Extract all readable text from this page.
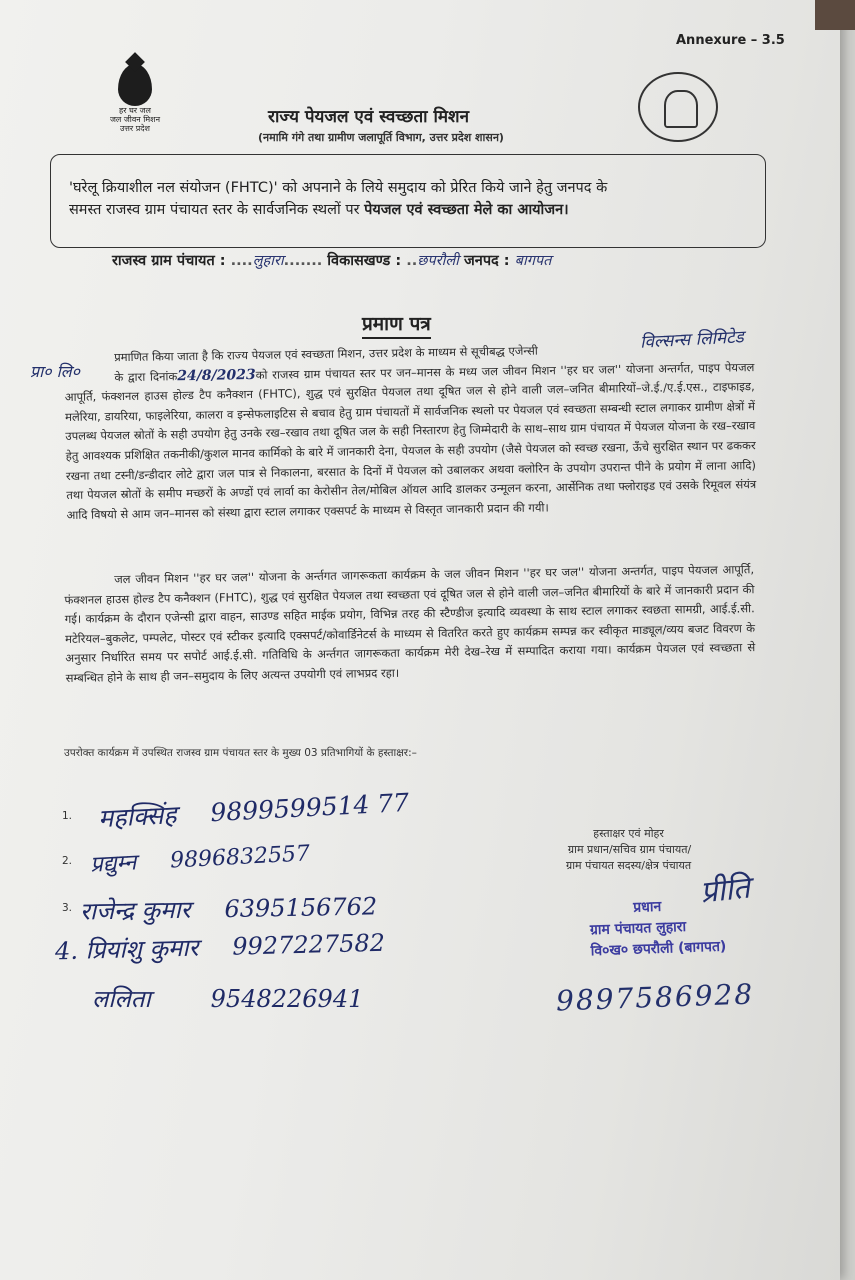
Annexure – 3.5
हर घर जल
जल जीवन मिशन
उत्तर प्रदेश
राज्य पेयजल एवं स्वच्छता मिशन
(नमामि गंगे तथा ग्रामीण जलापूर्ति विभाग, उत्तर प्रदेश शासन)
'घरेलू क्रियाशील नल संयोजन (FHTC)' को अपनाने के लिये समुदाय को प्रेरित किये जाने हेतु जनपद के
समस्त राजस्व ग्राम पंचायत स्तर के सार्वजनिक स्थलों पर पेयजल एवं स्वच्छता मेले का आयोजन।
राजस्व ग्राम पंचायत : ....लुहारा....... विकासखण्ड : ..छपरौली जनपद : बागपत
प्रमाण पत्र
विल्सन्स लिमिटेड
प्रा० लि०
प्रमाणित किया जाता है कि राज्य पेयजल एवं स्वच्छता मिशन, उत्तर प्रदेश के माध्यम से सूचीबद्ध एजेन्सी
के द्वारा दिनांक24/8/2023को राजस्व ग्राम पंचायत स्तर पर जन–मानस के मध्य जल जीवन मिशन ''हर घर जल'' योजना अन्तर्गत, पाइप पेयजल आपूर्ति, फंक्शनल हाउस होल्ड टैप कनैक्शन (FHTC), शुद्ध एवं सुरक्षित पेयजल तथा दूषित जल से होने वाली जल–जनित बीमारियों–जे.ई./ए.ई.एस., टाइफाइड, मलेरिया, डायरिया, फाइलेरिया, कालरा व इन्सेफलाइटिस से बचाव हेतु ग्राम पंचायतों में सार्वजनिक स्थलो पर पेयजल एवं स्वच्छता सम्बन्धी स्टाल लगाकर ग्रामीण क्षेत्रों में उपलब्ध पेयजल स्रोतों के सही उपयोग हेतु उनके रख–रखाव तथा दूषित जल के सही निस्तारण हेतु जिम्मेदारी के साथ–साथ ग्राम पंचायत में पेयजल योजना के रख–रखाव हेतु आवश्यक प्रशिक्षित तकनीकी/कुशल मानव कार्मिको के बारे में जानकारी देना, पेयजल के सही उपयोग (जैसे पेयजल को स्वच्छ रखना, ऊँचे सुरक्षित स्थान पर ढककर रखना तथा टस्नी/डन्डीदार लोटे द्वारा जल पात्र से निकालना, बरसात के दिनों में पेयजल को उबालकर अथवा क्लोरिन के उपयोग उपरान्त पीने के प्रयोग में लाना आदि) तथा पेयजल स्रोतों के समीप मच्छरों के अण्डों एवं लार्वा का केरोसीन तेल/मोबिल ऑयल आदि डालकर उन्मूलन करना, आर्सेनिक तथा फ्लोराइड एवं उसके रिमूवल संयंत्र आदि विषयो से आम जन–मानस को संस्था द्वारा स्टाल लगाकर एक्सपर्ट के माध्यम से विस्तृत जानकारी प्रदान की गयी।
जल जीवन मिशन ''हर घर जल'' योजना के अर्न्तगत जागरूकता कार्यक्रम के जल जीवन मिशन ''हर घर जल'' योजना अन्तर्गत, पाइप पेयजल आपूर्ति, फंक्शनल हाउस होल्ड टैप कनैक्शन (FHTC), शुद्ध एवं सुरक्षित पेयजल तथा स्वच्छता एवं दूषित जल से होने वाली जल–जनित बीमारियों के बारे में जानकारी प्रदान की गई। कार्यक्रम के दौरान एजेन्सी द्वारा वाहन, साउण्ड सहित माईक प्रयोग, विभिन्न तरह की स्टैण्डीज इत्यादि व्यवस्था के साथ स्टाल लगाकर स्वछता सामग्री, आई.ई.सी. मटेरियल–बुकलेट, पम्पलेट, पोस्टर एवं स्टीकर इत्यादि एक्सपर्ट/कोवार्डिनेटर्स के माध्यम से वितरित करते हुए कार्यक्रम सम्पन्न कर स्वीकृत माड्यूल/व्यय बजट विवरण के अनुसार निर्धारित समय पर सपोर्ट आई.ई.सी. गतिविधि के अर्न्तगत जागरूकता कार्यक्रम मेरी देख–रेख में सम्पादित कराया गया। कार्यक्रम पेयजल एवं स्वच्छता से सम्बन्धित होने के साथ ही जन–समुदाय के लिए अत्यन्त उपयोगी एवं लाभप्रद रहा।
उपरोक्त कार्यक्रम में उपस्थित राजस्व ग्राम पंचायत स्तर के मुख्य 03 प्रतिभागियों के हस्ताक्षर:–
1.
2.
3.
महक्सिंह 9899599514 77
प्रद्युम्न 9896832557
राजेन्द्र कुमार 6395156762
4. प्रियांशु कुमार 9927227582
ललिता	9548226941
हस्ताक्षर एवं मोहर
ग्राम प्रधान/सचिव ग्राम पंचायत/
ग्राम पंचायत सदस्य/क्षेत्र पंचायत
प्रधान
ग्राम पंचायत लुहारा
वि०ख० छपरौली (बागपत)
प्रीति
9897586928
